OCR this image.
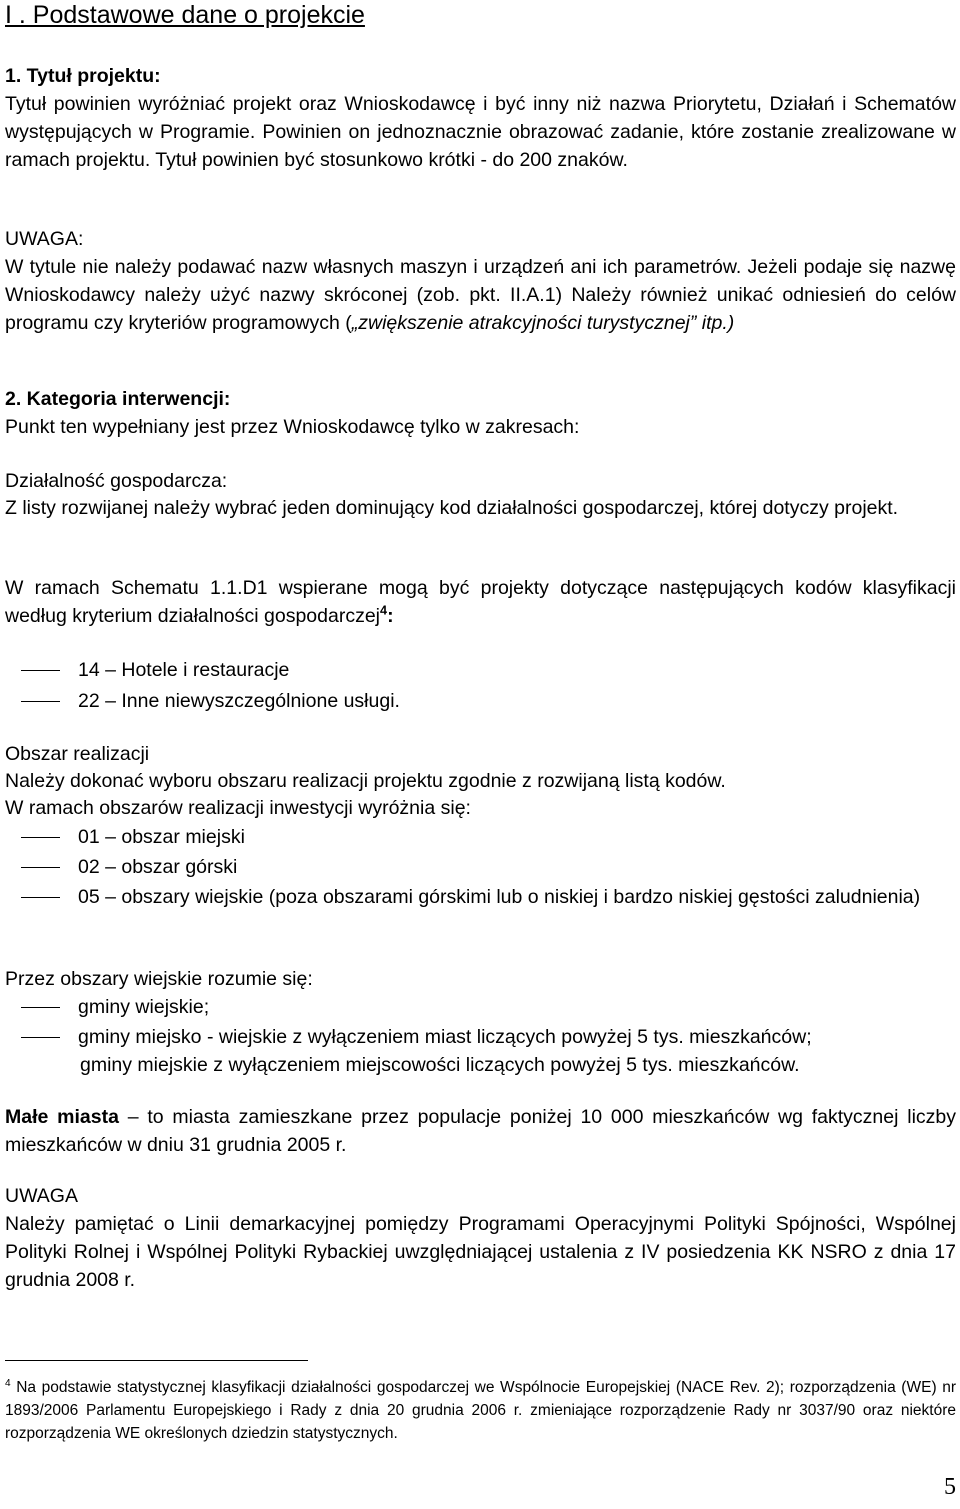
I . Podstawowe dane o projekcie
1. Tytuł projektu:

Tytuł powinien wyróżniać projekt oraz Wnioskodawcę i być inny niż nazwa Priorytetu, Działań i Schematów występujących w Programie. Powinien on jednoznacznie obrazować zadanie, które zostanie zrealizowane w ramach projektu. Tytuł powinien być stosunkowo krótki - do 200 znaków.

UWAGA:

W tytule nie należy podawać nazw własnych maszyn i urządzeń ani ich parametrów. Jeżeli podaje się nazwę Wnioskodawcy należy użyć nazwy skróconej (zob. pkt. II.A.1) Należy również unikać odniesień do celów programu czy kryteriów programowych („zwiększenie atrakcyjności turystycznej” itp.)

2. Kategoria interwencji:
Punkt ten wypełniany jest przez Wnioskodawcę tylko w zakresach:
Działalność gospodarcza:

Z listy rozwijanej należy wybrać jeden dominujący kod działalności gospodarczej, której dotyczy projekt.

W ramach Schematu 1.1.D1 wspierane mogą być projekty dotyczące następujących kodów klasyfikacji według kryterium działalności gospodarczej$^4$:

14 – Hotele i restauracje
22 – Inne niewyszczególnione usługi.
Obszar realizacji
Należy dokonać wyboru obszaru realizacji projektu zgodnie z rozwijaną listą kodów.
W ramach obszarów realizacji inwestycji wyróżnia się:
01 – obszar miejski
02 – obszar górski
05 – obszary wiejskie (poza obszarami górskimi lub o niskiej i bardzo niskiej gęstości zaludnienia)
Przez obszary wiejskie rozumie się:
gminy wiejskie;
gminy miejsko - wiejskie z wyłączeniem miast liczących powyżej 5 tys. mieszkańców;
gminy miejskie z wyłączeniem miejscowości liczących powyżej 5 tys. mieszkańców.

Małe miasta – to miasta zamieszkane przez populacje poniżej 10 000 mieszkańców wg faktycznej liczby mieszkańców w dniu 31 grudnia 2005 r.

UWAGA

Należy pamiętać o Linii demarkacyjnej pomiędzy Programami Operacyjnymi Polityki Spójności, Wspólnej Polityki Rolnej i Wspólnej Polityki Rybackiej uwzględniającej ustalenia z IV posiedzenia KK NSRO z dnia 17 grudnia 2008 r.

$^4$ Na podstawie statystycznej klasyfikacji działalności gospodarczej we Wspólnocie Europejskiej (NACE Rev. 2); rozporządzenia (WE) nr 1893/2006 Parlamentu Europejskiego i Rady z dnia 20 grudnia 2006 r. zmieniające rozporządzenie Rady nr 3037/90 oraz niektóre rozporządzenia WE określonych dziedzin statystycznych.

5
